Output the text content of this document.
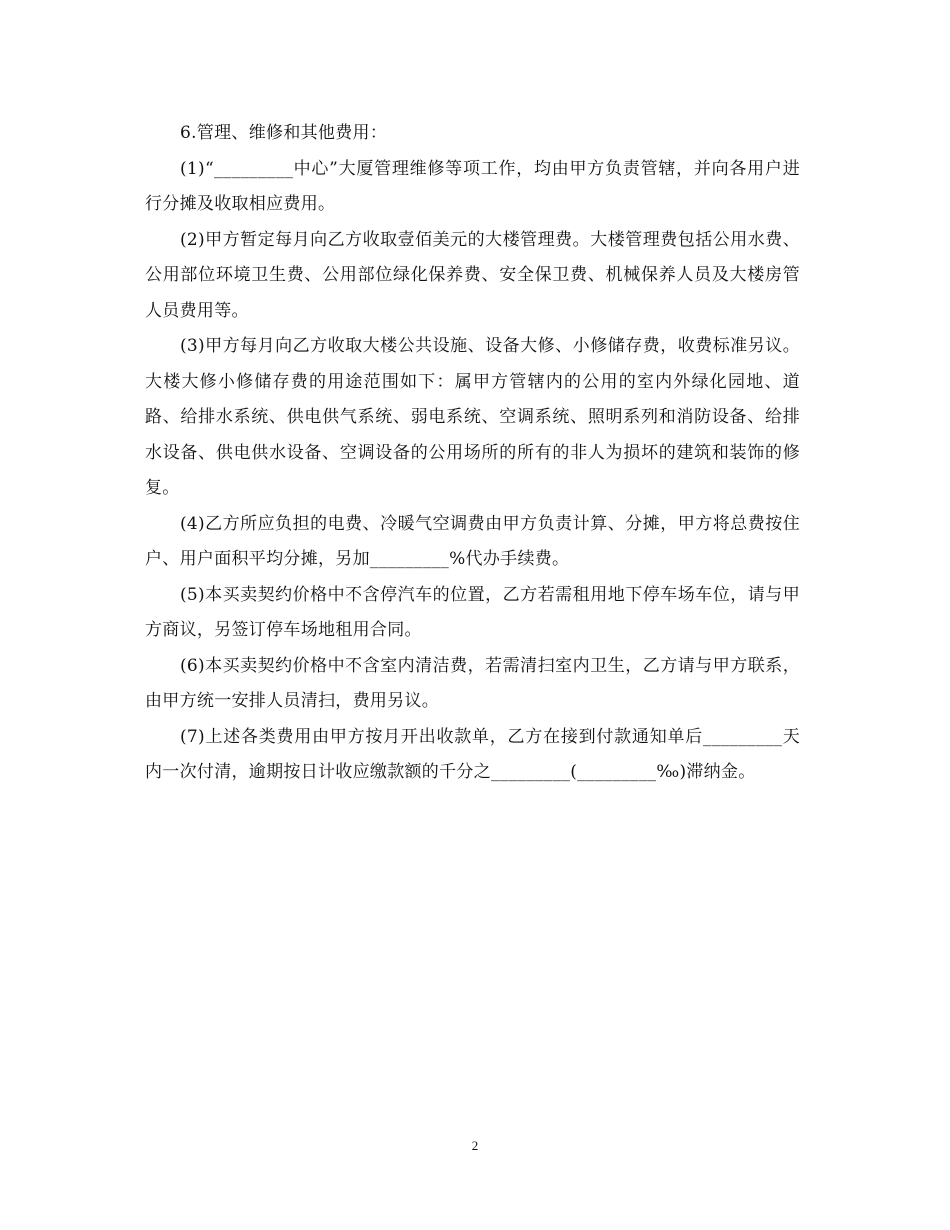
6.管理、维修和其他费用：

(1)“_________中心”大厦管理维修等项工作，均由甲方负责管辖，并向各用户进行分摊及收取相应费用。

(2)甲方暂定每月向乙方收取壹佰美元的大楼管理费。大楼管理费包括公用水费、公用部位环境卫生费、公用部位绿化保养费、安全保卫费、机械保养人员及大楼房管人员费用等。

(3)甲方每月向乙方收取大楼公共设施、设备大修、小修储存费，收费标准另议。大楼大修小修储存费的用途范围如下：属甲方管辖内的公用的室内外绿化园地、道路、给排水系统、供电供气系统、弱电系统、空调系统、照明系列和消防设备、给排水设备、供电供水设备、空调设备的公用场所的所有的非人为损坏的建筑和装饰的修复。

(4)乙方所应负担的电费、冷暖气空调费由甲方负责计算、分摊，甲方将总费按住户、用户面积平均分摊，另加_________%代办手续费。

(5)本买卖契约价格中不含停汽车的位置，乙方若需租用地下停车场车位，请与甲方商议，另签订停车场地租用合同。

(6)本买卖契约价格中不含室内清洁费，若需清扫室内卫生，乙方请与甲方联系，由甲方统一安排人员清扫，费用另议。

(7)上述各类费用由甲方按月开出收款单，乙方在接到付款通知单后_________天内一次付清，逾期按日计收应缴款额的千分之_________(_________‰)滞纳金。

2
